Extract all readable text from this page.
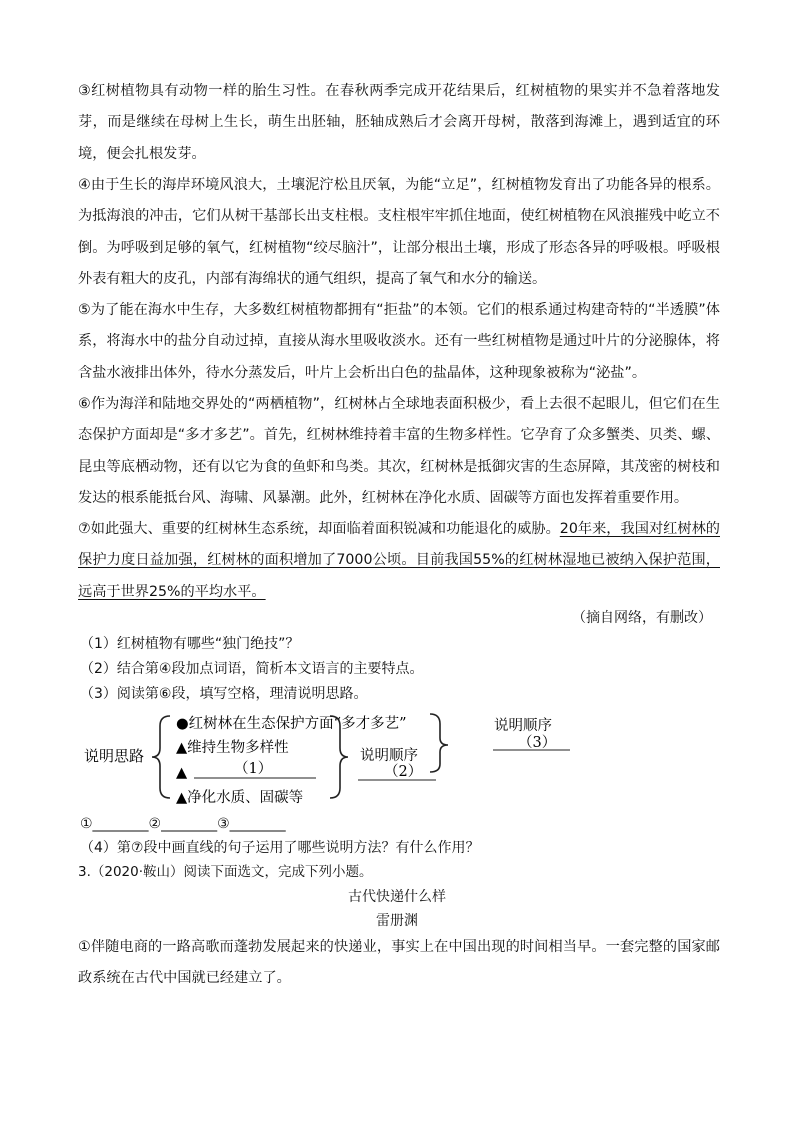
③红树植物具有动物一样的胎生习性。在春秋两季完成开花结果后，红树植物的果实并不急着落地发芽，而是继续在母树上生长，萌生出胚轴，胚轴成熟后才会离开母树，散落到海滩上，遇到适宜的环境，便会扎根发芽。
④由于生长的海岸环境风浪大，土壤泥泞松且厌氧，为能“立足”，红树植物发育出了功能各异的根系。为抵海浪的冲击，它们从树干基部长出支柱根。支柱根牢牢抓住地面，使红树植物在风浪摧残中屹立不倒。为呼吸到足够的氧气，红树植物“绞尽脑汁”，让部分根出土壤，形成了形态各异的呼吸根。呼吸根外表有粗大的皮孔，内部有海绵状的通气组织，提高了氧气和水分的输送。
⑤为了能在海水中生存，大多数红树植物都拥有“拒盐”的本领。它们的根系通过构建奇特的“半透膜”体系，将海水中的盐分自动过掉，直接从海水里吸收淡水。还有一些红树植物是通过叶片的分泌腺体，将含盐水液排出体外，待水分蒸发后，叶片上会析出白色的盐晶体，这种现象被称为“泌盐”。
⑥作为海洋和陆地交界处的“两栖植物”，红树林占全球地表面积极少，看上去很不起眼儿，但它们在生态保护方面却是“多才多艺”。首先，红树林维持着丰富的生物多样性。它孕育了众多蟹类、贝类、螺、昆虫等底栖动物，还有以它为食的鱼虾和鸟类。其次，红树林是抵御灾害的生态屏障，其茂密的树枝和发达的根系能抵台风、海啸、风暴潮。此外，红树林在净化水质、固碳等方面也发挥着重要作用。
⑦如此强大、重要的红树林生态系统，却面临着面积锐减和功能退化的威胁。20年来，我国对红树林的保护力度日益加强，红树林的面积增加了7000公顷。目前我国55%的红树林湿地已被纳入保护范围，远高于世界25%的平均水平。
（摘自网络，有删改）
（1）红树植物有哪些“独门绝技”？
（2）结合第④段加点词语，简析本文语言的主要特点。
（3）阅读第⑥段，填写空格，理清说明思路。
说明思路
●红树林在生态保护方面“多才多艺”
▲维持生物多样性
▲	（1）
▲净化水质、固碳等
说明顺序
（2）
说明顺序
（3）
①________②________③________
（4）第⑦段中画直线的句子运用了哪些说明方法？有什么作用？
3.（2020·鞍山）阅读下面选文，完成下列小题。
古代快递什么样
雷册渊
①伴随电商的一路高歌而蓬勃发展起来的快递业，事实上在中国出现的时间相当早。一套完整的国家邮政系统在古代中国就已经建立了。
